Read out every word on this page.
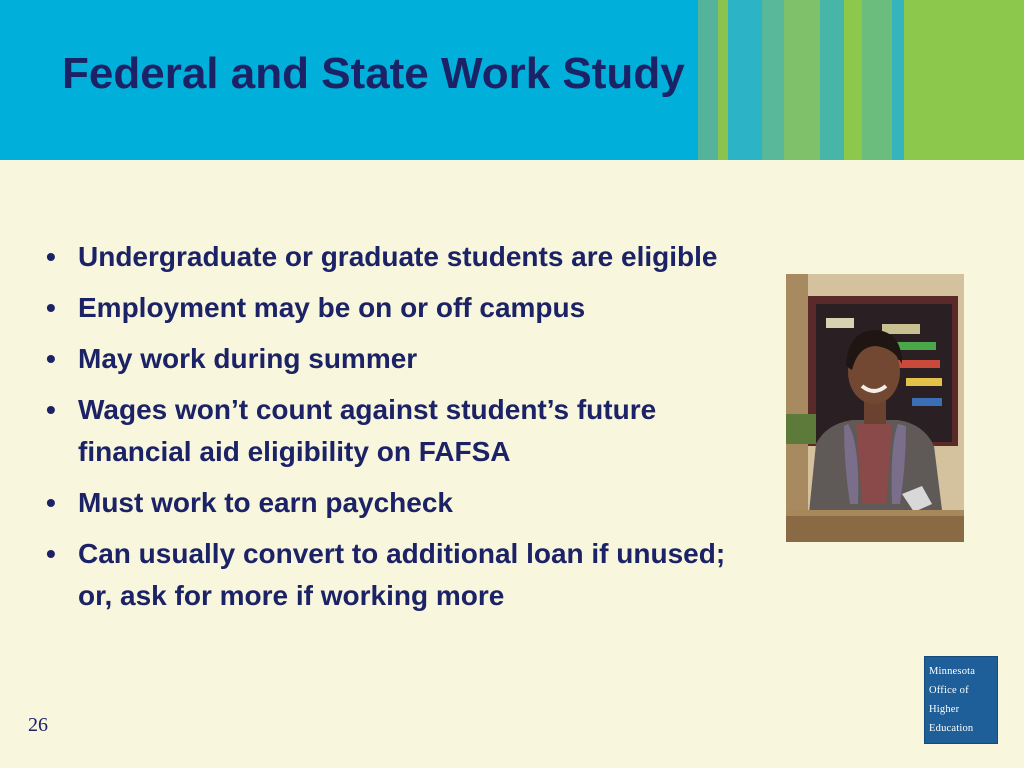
Federal and State Work Study
• Undergraduate or graduate students are eligible
• Employment may be on or off campus
• May work during summer
• Wages won’t count against student’s future financial aid eligibility on FAFSA
• Must work to earn paycheck
• Can usually convert to additional loan if unused; or, ask for more if working more
26
Minnesota
Office of
Higher
Education
